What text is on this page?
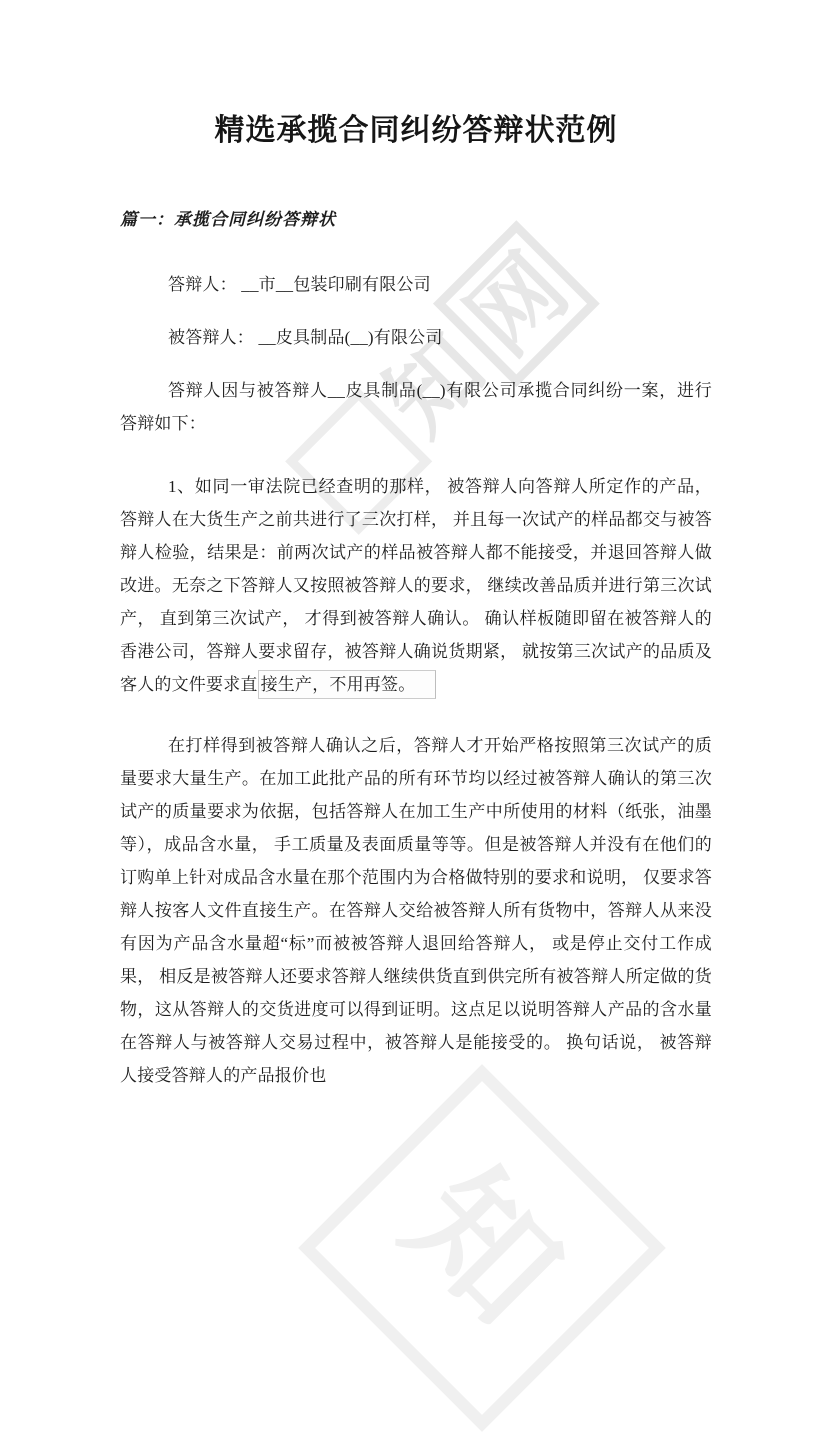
知
网
知
精选承揽合同纠纷答辩状范例
篇一：承揽合同纠纷答辩状

答辩人： __市__包装印刷有限公司

被答辩人： __皮具制品(__)有限公司

答辩人因与被答辩人__皮具制品(__)有限公司承揽合同纠纷一案，进行答辩如下：

1、如同一审法院已经查明的那样， 被答辩人向答辩人所定作的产品， 答辩人在大货生产之前共进行了三次打样， 并且每一次试产的样品都交与被答辩人检验，结果是：前两次试产的样品被答辩人都不能接受，并退回答辩人做改进。无奈之下答辩人又按照被答辩人的要求， 继续改善品质并进行第三次试产， 直到第三次试产， 才得到被答辩人确认。 确认样板随即留在被答辩人的香港公司，答辩人要求留存，被答辩人确说货期紧， 就按第三次试产的品质及客人的文件要求直 接生产，不用再签。

在打样得到被答辩人确认之后，答辩人才开始严格按照第三次试产的质量要求大量生产。在加工此批产品的所有环节均以经过被答辩人确认的第三次试产的质量要求为依据，包括答辩人在加工生产中所使用的材料（纸张，油墨等），成品含水量， 手工质量及表面质量等等。但是被答辩人并没有在他们的订购单上针对成品含水量在那个范围内为合格做特别的要求和说明， 仅要求答辩人按客人文件直接生产。在答辩人交给被答辩人所有货物中，答辩人从来没有因为产品含水量超“标”而被被答辩人退回给答辩人， 或是停止交付工作成果， 相反是被答辩人还要求答辩人继续供货直到供完所有被答辩人所定做的货物，这从答辩人的交货进度可以得到证明。这点足以说明答辩人产品的含水量在答辩人与被答辩人交易过程中，被答辩人是能接受的。 换句话说， 被答辩人接受答辩人的产品报价也
